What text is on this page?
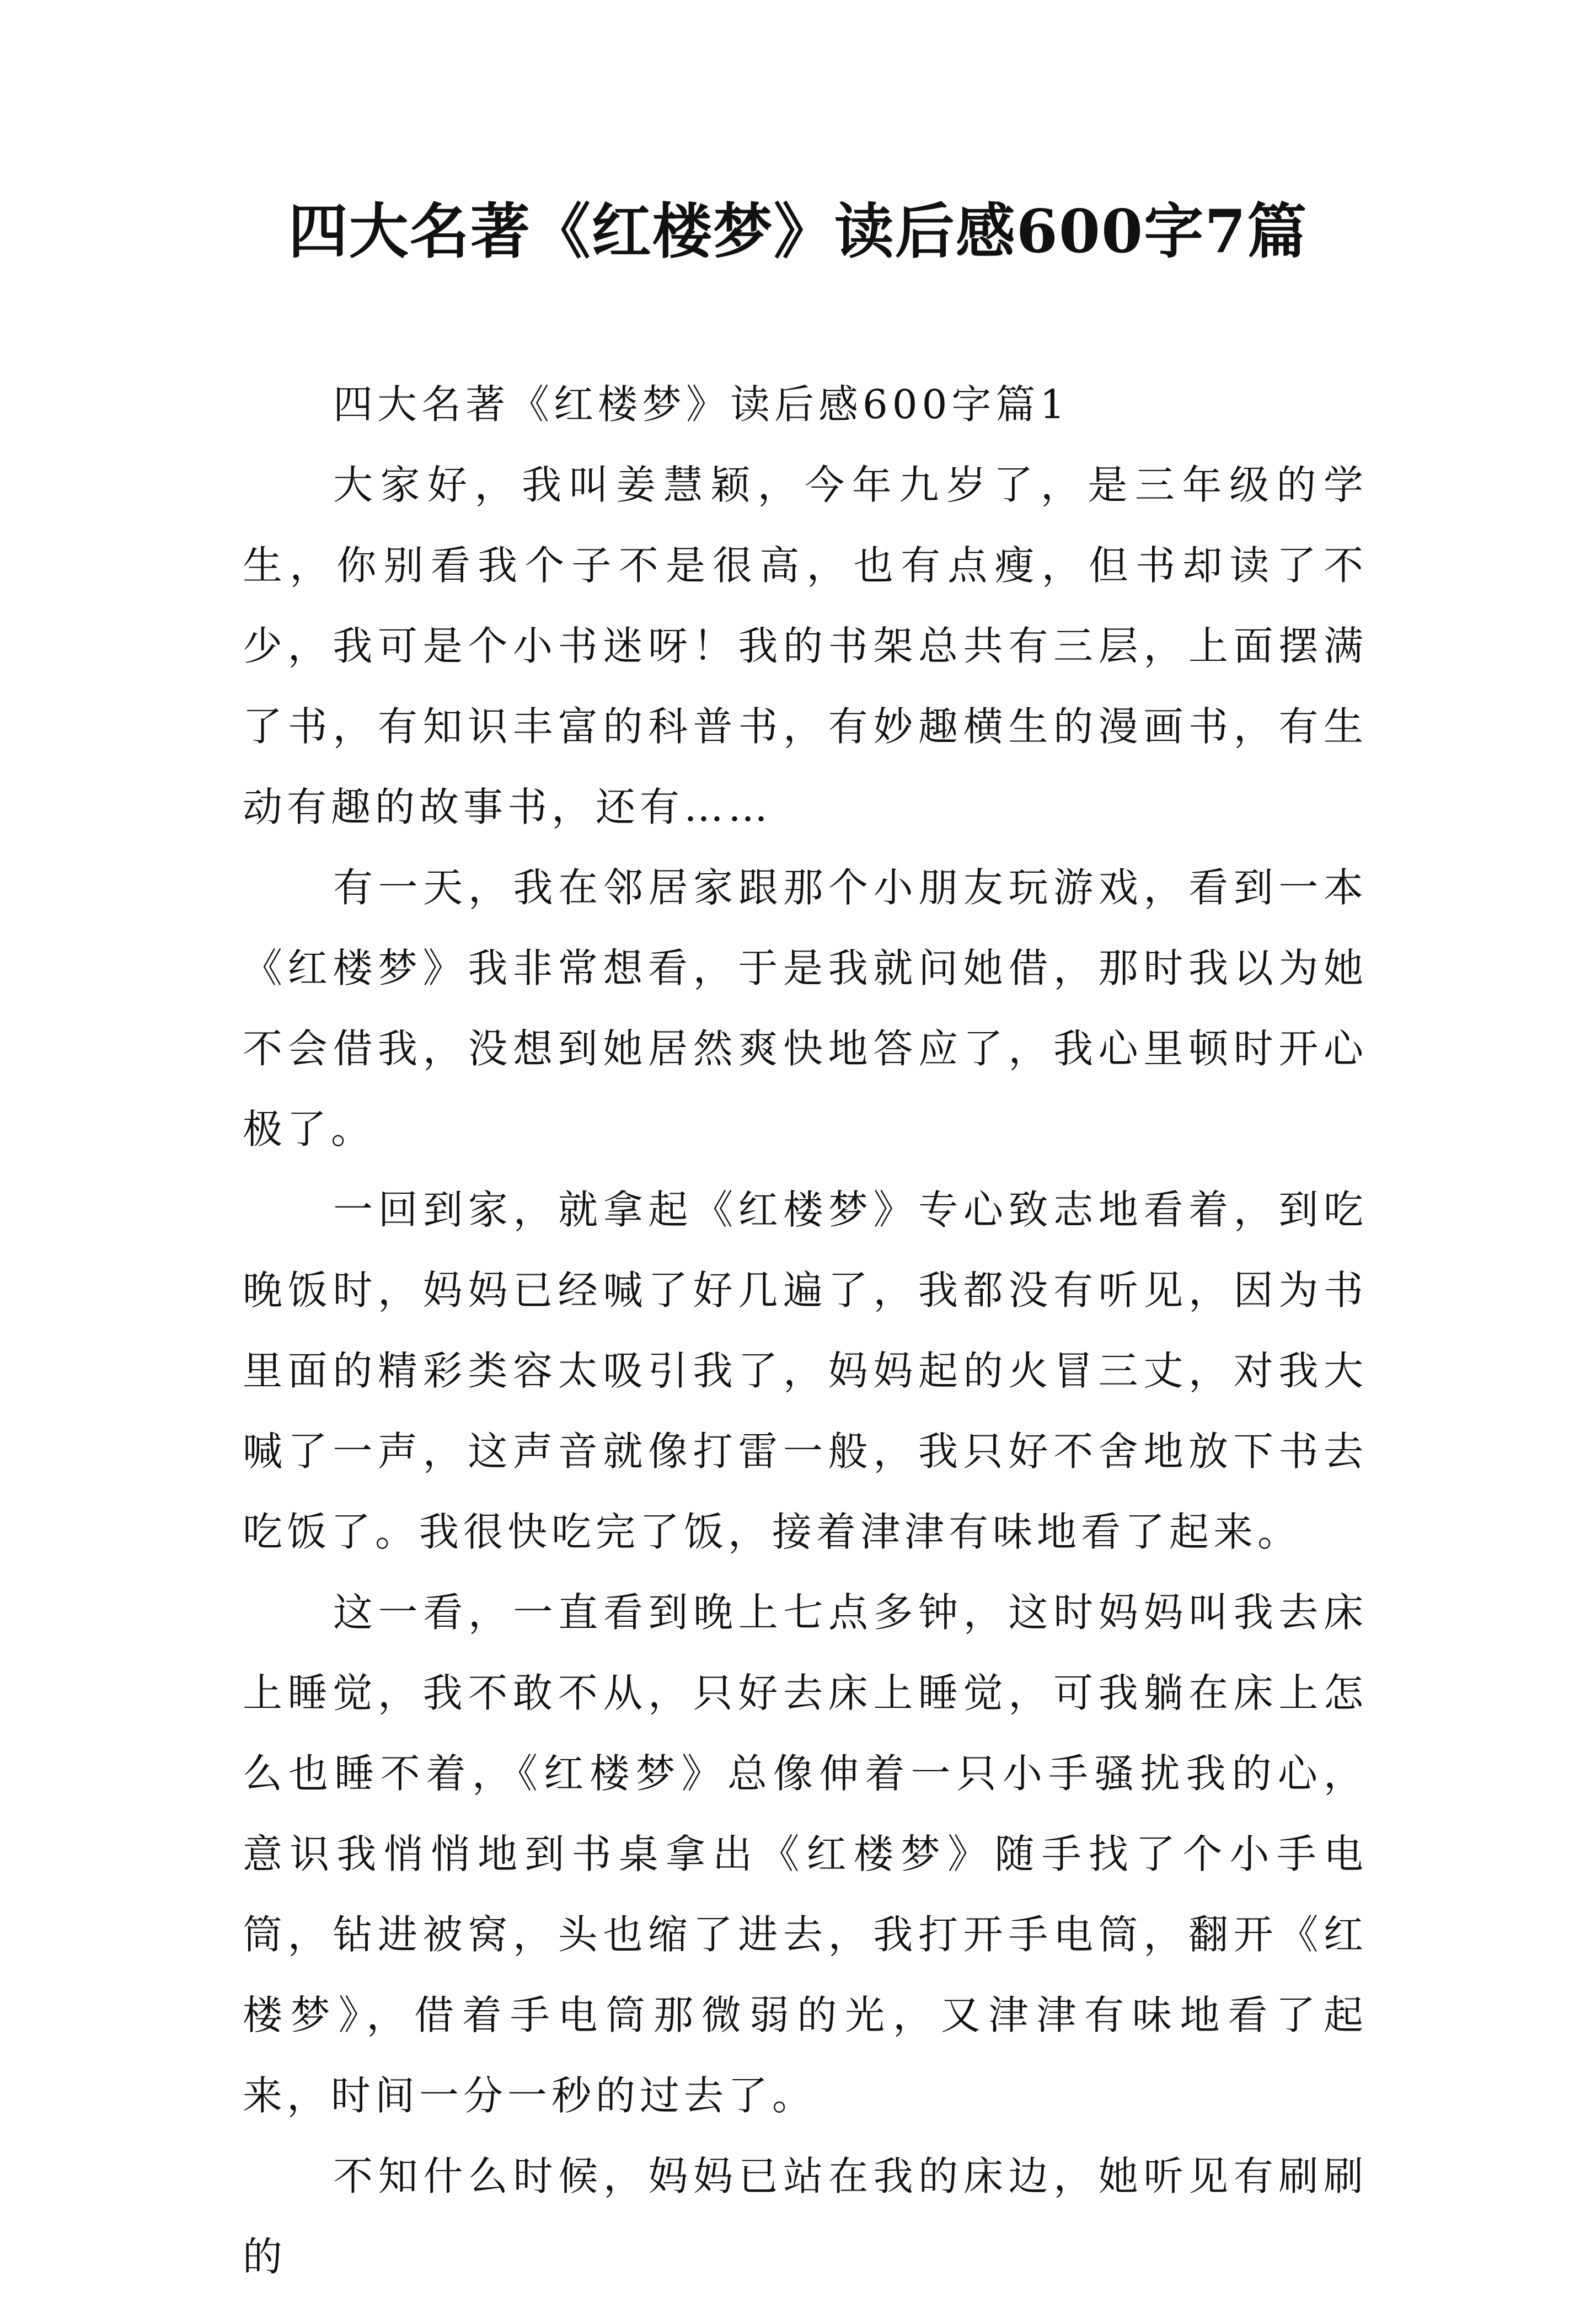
四大名著《红楼梦》读后感600字7篇

四大名著《红楼梦》读后感600字篇1

大家好，我叫姜慧颖，今年九岁了，是三年级的学生，你别看我个子不是很高，也有点瘦，但书却读了不少，我可是个小书迷呀！我的书架总共有三层，上面摆满了书，有知识丰富的科普书，有妙趣横生的漫画书，有生动有趣的故事书，还有……

有一天，我在邻居家跟那个小朋友玩游戏，看到一本《红楼梦》我非常想看，于是我就问她借，那时我以为她不会借我，没想到她居然爽快地答应了，我心里顿时开心极了。

一回到家，就拿起《红楼梦》专心致志地看着，到吃晚饭时，妈妈已经喊了好几遍了，我都没有听见，因为书里面的精彩类容太吸引我了，妈妈起的火冒三丈，对我大喊了一声，这声音就像打雷一般，我只好不舍地放下书去吃饭了。我很快吃完了饭，接着津津有味地看了起来。

这一看，一直看到晚上七点多钟，这时妈妈叫我去床上睡觉，我不敢不从，只好去床上睡觉，可我躺在床上怎么也睡不着，《红楼梦》总像伸着一只小手骚扰我的心，意识我悄悄地到书桌拿出《红楼梦》随手找了个小手电筒，钻进被窝，头也缩了进去，我打开手电筒，翻开《红楼梦》，借着手电筒那微弱的光，又津津有味地看了起来，时间一分一秒的过去了。

不知什么时候，妈妈已站在我的床边，她听见有刷刷的
